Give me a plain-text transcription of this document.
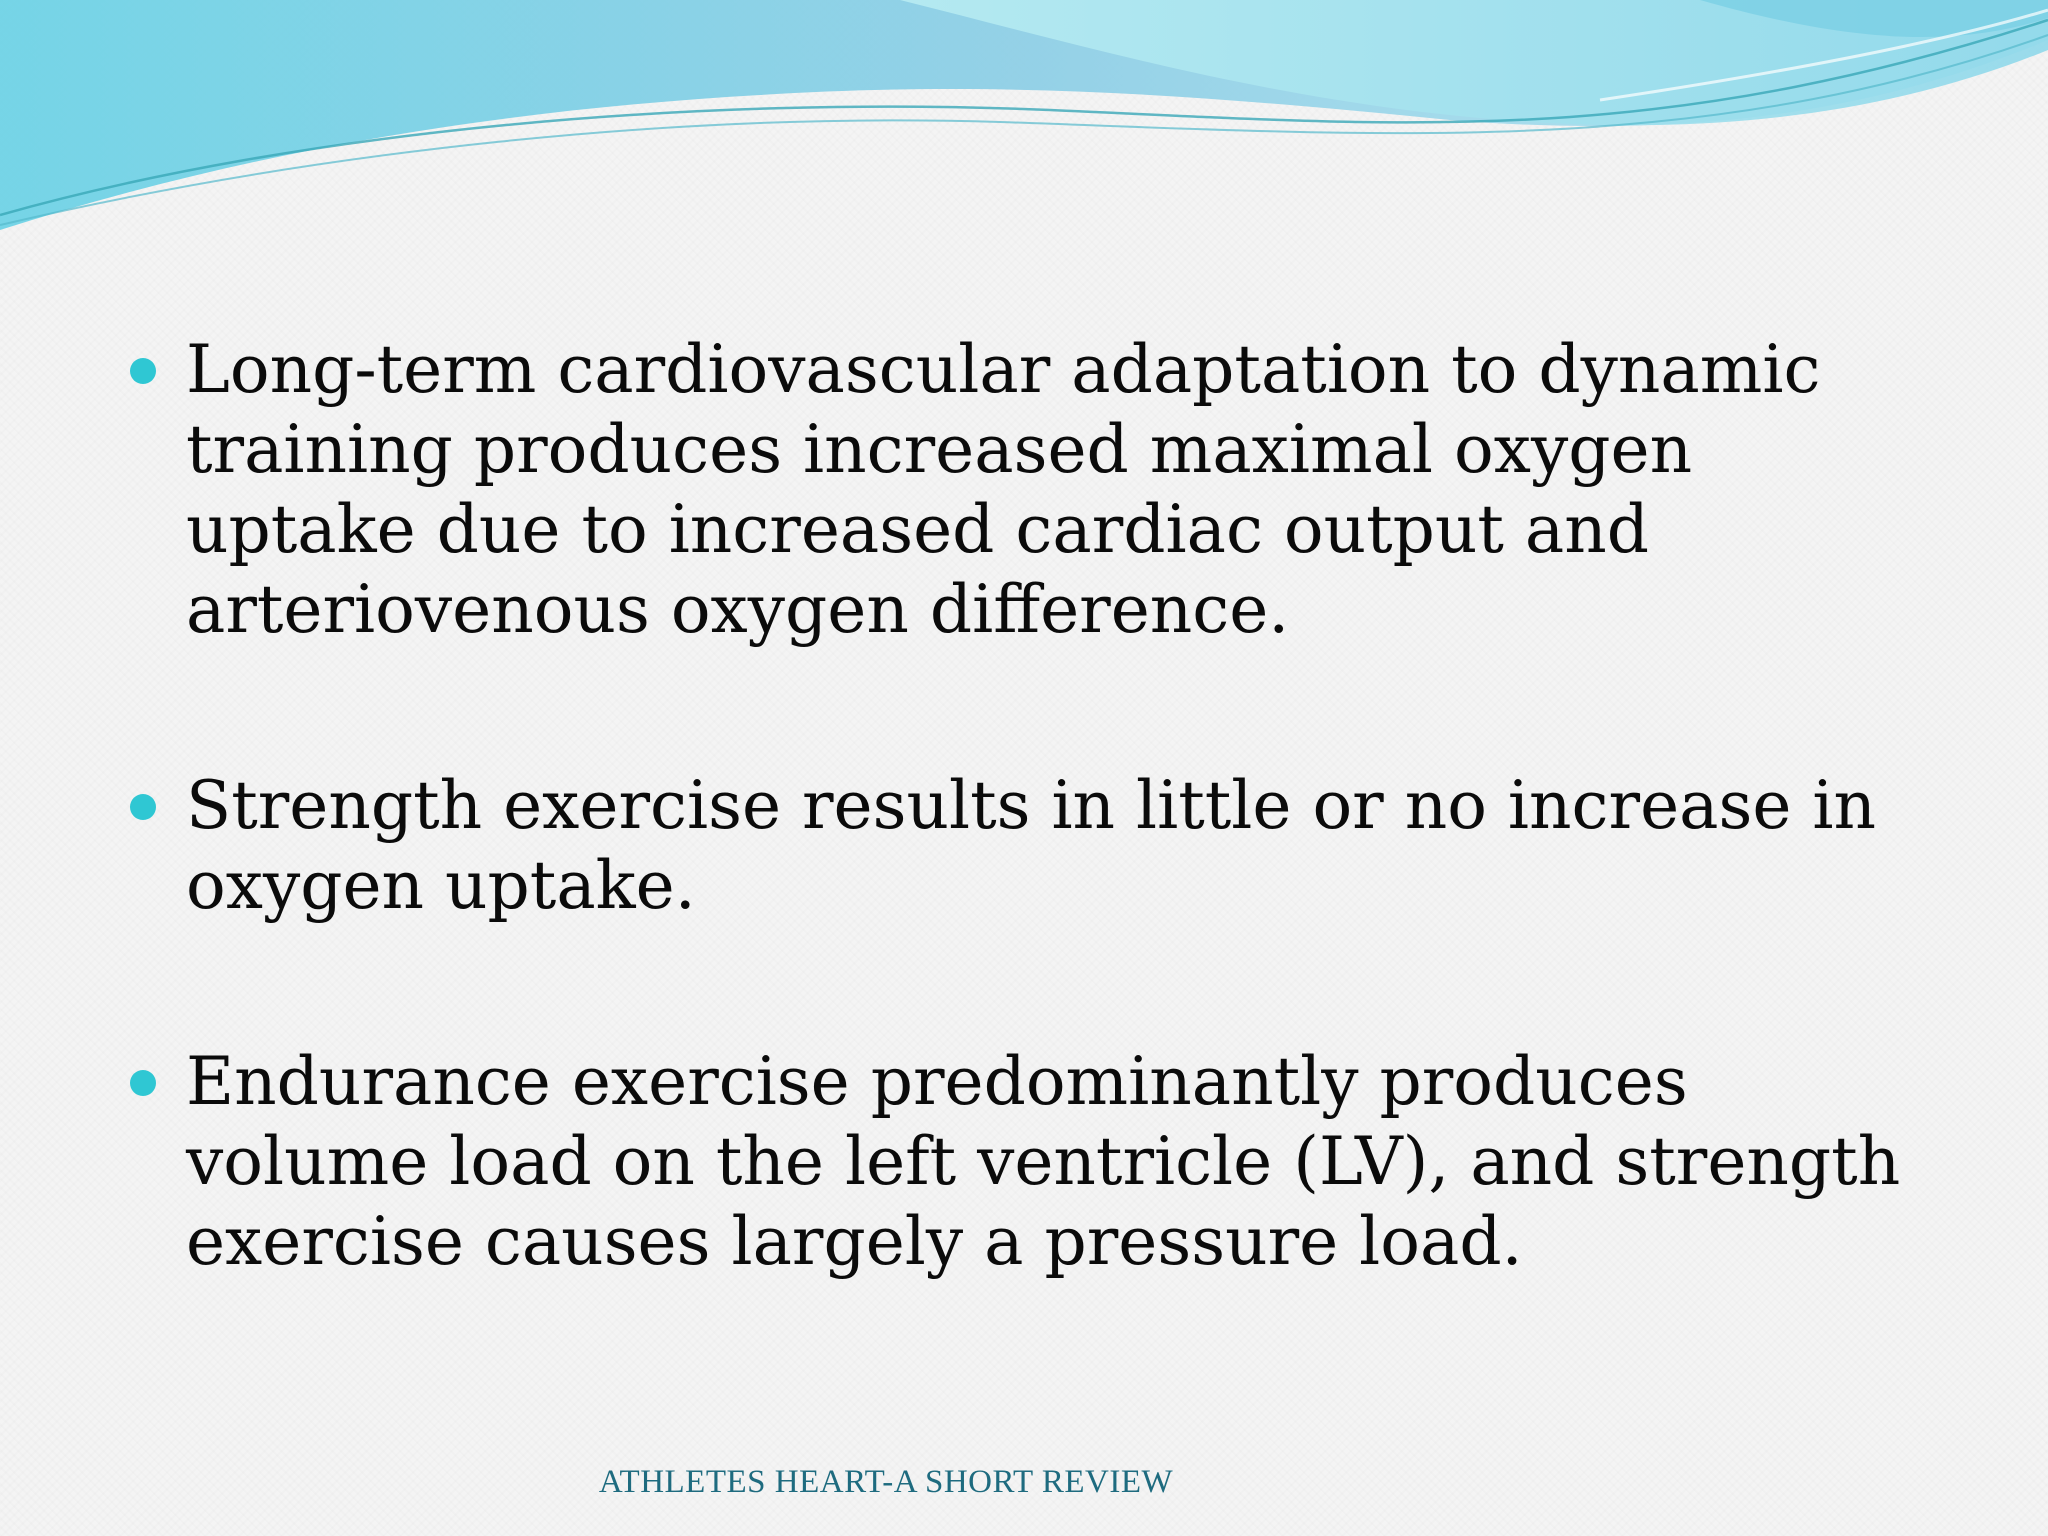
Long-term cardiovascular adaptation to dynamic training produces increased maximal oxygen uptake due to increased cardiac output and arteriovenous oxygen difference.
Strength exercise results in little or no increase in oxygen uptake.
Endurance exercise predominantly produces volume load on the left ventricle (LV), and strength exercise causes largely a pressure load.
ATHLETES HEART-A SHORT REVIEW
